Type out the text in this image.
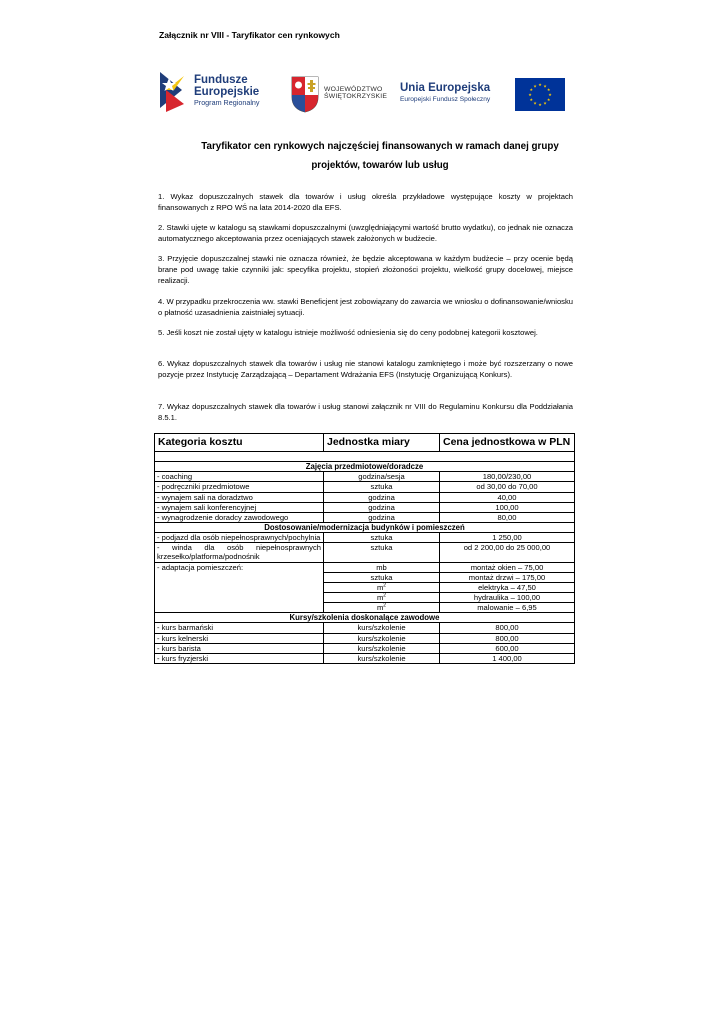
Załącznik nr VIII - Taryfikator cen rynkowych
Fundusze
Europejskie
Program Regionalny
WOJEWÓDZTWO
ŚWIĘTOKRZYSKIE
Unia Europejska
Europejski Fundusz Społeczny
★ ★
★
★
★
★
★
★
★
★
★
★
Taryfikator cen rynkowych najczęściej finansowanych w ramach danej grupy
projektów, towarów lub usług
1. Wykaz dopuszczalnych stawek dla towarów i usług określa przykładowe występujące koszty w projektach finansowanych z RPO WŚ na lata 2014-2020 dla EFS.
2. Stawki ujęte w katalogu są stawkami dopuszczalnymi (uwzględniającymi wartość brutto wydatku), co jednak nie oznacza automatycznego akceptowania przez oceniających stawek założonych w budżecie.
3. Przyjęcie dopuszczalnej stawki nie oznacza również, że będzie akceptowana w każdym budżecie – przy ocenie będą brane pod uwagę takie czynniki jak: specyfika projektu, stopień złożoności projektu, wielkość grupy docelowej, miejsce realizacji.
4. W przypadku przekroczenia ww. stawki Beneficjent jest zobowiązany do zawarcia we wniosku o dofinansowanie/wniosku o płatność uzasadnienia zaistniałej sytuacji.
5. Jeśli koszt nie został ujęty w katalogu istnieje możliwość odniesienia się do ceny podobnej kategorii kosztowej.
6. Wykaz dopuszczalnych stawek dla towarów i usług nie stanowi katalogu zamkniętego i może być rozszerzany o nowe pozycje przez Instytucję Zarządzającą – Departament Wdrażania EFS (Instytucję Organizującą Konkurs).
7. Wykaz dopuszczalnych stawek dla towarów i usług stanowi załącznik nr VIII do Regulaminu Konkursu dla Poddziałania 8.5.1.
Kategoria kosztu	Jednostka miary	Cena jednostkowa w PLN

Zajęcia przedmiotowe/doradcze		
- coaching	godzina/sesja	180,00/230,00
- podręczniki przedmiotowe	sztuka	od 30,00 do 70,00
- wynajem sali na doradztwo	godzina	40,00
- wynajem sali konferencyjnej	godzina	100,00
- wynagrodzenie doradcy zawodowego	godzina	80,00
Dostosowanie/modernizacja budynków i pomieszczeń		
- podjazd dla osób niepełnosprawnych/pochylnia	sztuka	1 250,00
- winda dla osób niepełnosprawnych krzesełko/platforma/podnośnik	sztuka	od 2 200,00 do 25 000,00
- adaptacja pomieszczeń:	mb	montaż okien – 75,00
	sztuka	montaż drzwi – 175,00
	$m^2$	elektryka – 47,50
	$m^2$	hydraulika – 100,00
	$m^2$	malowanie – 6,95
Kursy/szkolenia doskonalące zawodowe		
- kurs barmański	kurs/szkolenie	800,00
- kurs kelnerski	kurs/szkolenie	800,00
- kurs barista	kurs/szkolenie	600,00
- kurs fryzjerski	kurs/szkolenie	1 400,00
